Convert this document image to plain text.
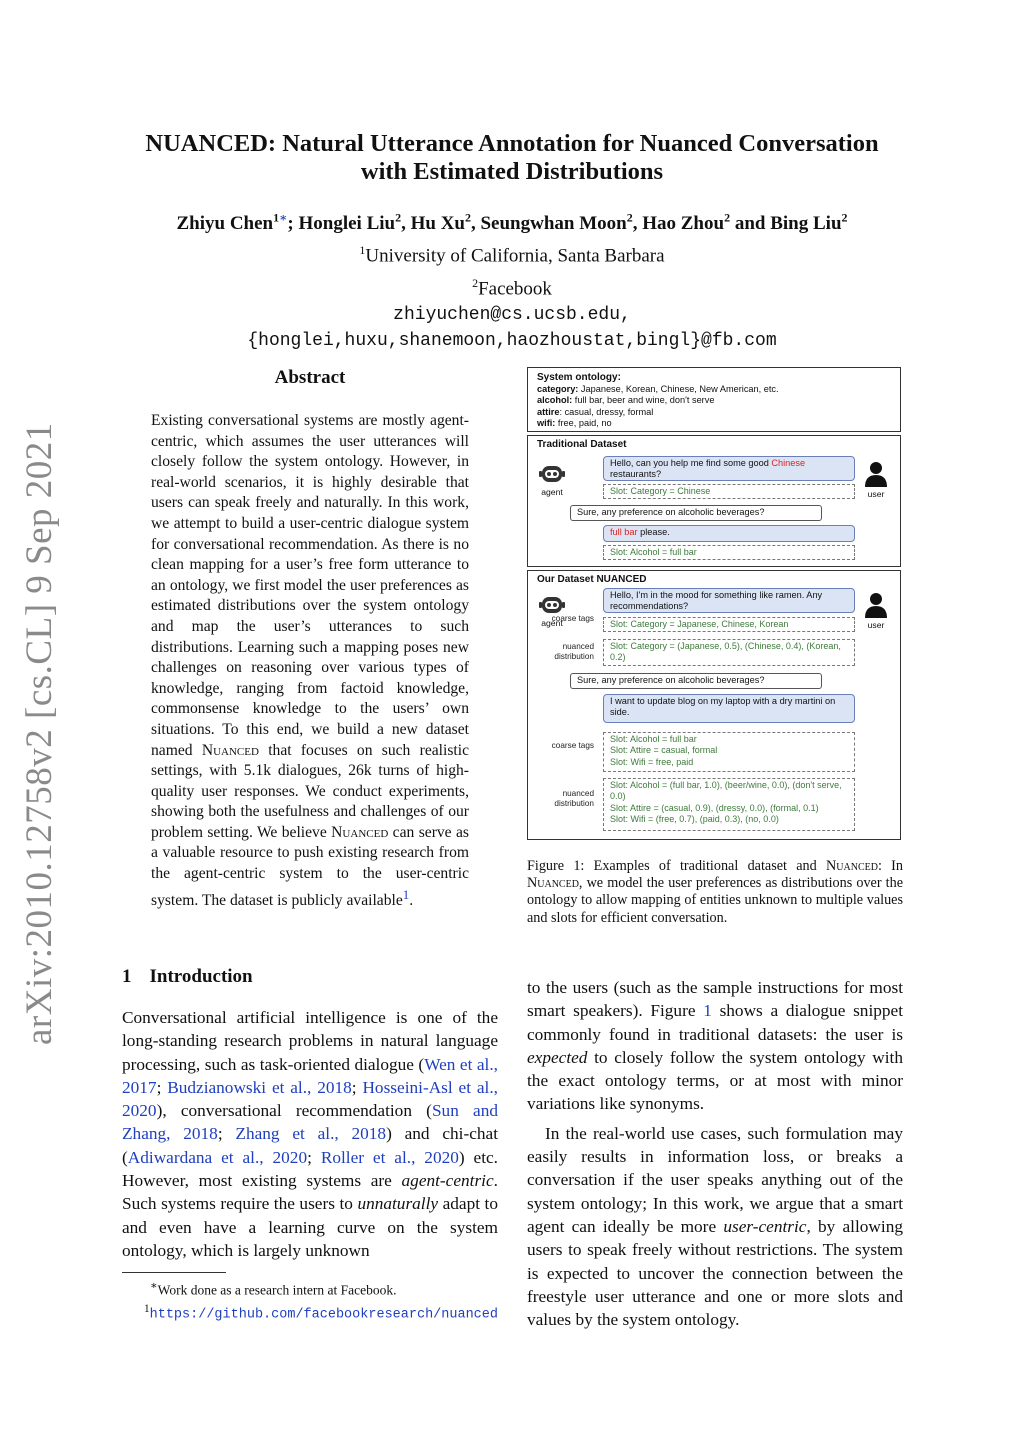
arXiv:2010.12758v2 [cs.CL] 9 Sep 2021
NUANCED: Natural Utterance Annotation for Nuanced Conversation
with Estimated Distributions
Zhiyu Chen$^{1∗}$; Honglei Liu$^2$, Hu Xu$^2$, Seungwhan Moon$^2$, Hao Zhou$^2$ and Bing Liu$^2$
$^1$University of California, Santa Barbara
$^2$Facebook
zhiyuchen@cs.ucsb.edu,
{honglei,huxu,shanemoon,haozhoustat,bingl}@fb.com
Abstract
Existing conversational systems are mostly agent-centric, which assumes the user utterances will closely follow the system ontology. However, in real-world scenarios, it is highly desirable that users can speak freely and naturally. In this work, we attempt to build a user-centric dialogue system for conversational recommendation. As there is no clean mapping for a user’s free form utterance to an ontology, we first model the user preferences as estimated distributions over the system ontology and map the user’s utterances to such distributions. Learning such a mapping poses new challenges on reasoning over various types of knowledge, ranging from factoid knowledge, commonsense knowledge to the users’ own situations. To this end, we build a new dataset named Nuanced that focuses on such realistic settings, with 5.1k dialogues, 26k turns of high-quality user responses. We conduct experiments, showing both the usefulness and challenges of our problem setting. We believe Nuanced can serve as a valuable resource to push existing research from the agent-centric system to the user-centric system. The dataset is publicly available$^1$.
1 Introduction
Conversational artificial intelligence is one of the long-standing research problems in natural language processing, such as task-oriented dialogue (Wen et al., 2017; Budzianowski et al., 2018; Hosseini-Asl et al., 2020), conversational recommendation (Sun and Zhang, 2018; Zhang et al., 2018) and chi-chat (Adiwardana et al., 2020; Roller et al., 2020) etc. However, most existing systems are agent-centric. Such systems require the users to unnaturally adapt to and even have a learning curve on the system ontology, which is largely unknown
∗Work done as a research intern at Facebook.
$^1$https://github.com/facebookresearch/nuanced
System ontology:
category: Japanese, Korean, Chinese, New American, etc.
alcohol: full bar, beer and wine, don't serve
attire: casual, dressy, formal
wifi: free, paid, no
Traditional Dataset
agent	user
Hello, can you help me find some good Chinese restaurants?
Slot: Category = Chinese
Sure, any preference on alcoholic beverages?
full bar please.
Slot: Alcohol = full bar
Our Dataset NUANCED
agent	user
Hello, I'm in the mood for something like ramen. Any recommendations?
coarse tags
Slot: Category = Japanese, Chinese, Korean
nuanced distribution
Slot: Category = (Japanese, 0.5), (Chinese, 0.4), (Korean, 0.2)
Sure, any preference on alcoholic beverages?
I want to update blog on my laptop with a dry martini on side.
coarse tags
Slot: Alcohol = full bar
Slot: Attire = casual, formal
Slot: Wifi = free, paid
nuanced distribution
Slot: Alcohol = (full bar, 1.0), (beer/wine, 0.0), (don't serve, 0.0)
Slot: Attire = (casual, 0.9), (dressy, 0.0), (formal, 0.1)
Slot: Wifi = (free, 0.7), (paid, 0.3), (no, 0.0)
Figure 1: Examples of traditional dataset and Nuanced: In Nuanced, we model the user preferences as distributions over the ontology to allow mapping of entities unknown to multiple values and slots for efficient conversation.

to the users (such as the sample instructions for most smart speakers). Figure 1 shows a dialogue snippet commonly found in traditional datasets: the user is expected to closely follow the system ontology with the exact ontology terms, or at most with minor variations like synonyms.

In the real-world use cases, such formulation may easily results in information loss, or breaks a conversation if the user speaks anything out of the system ontology; In this work, we argue that a smart agent can ideally be more user-centric, by allowing users to speak freely without restrictions. The system is expected to uncover the connection between the freestyle user utterance and one or more slots and values by the system ontology.
